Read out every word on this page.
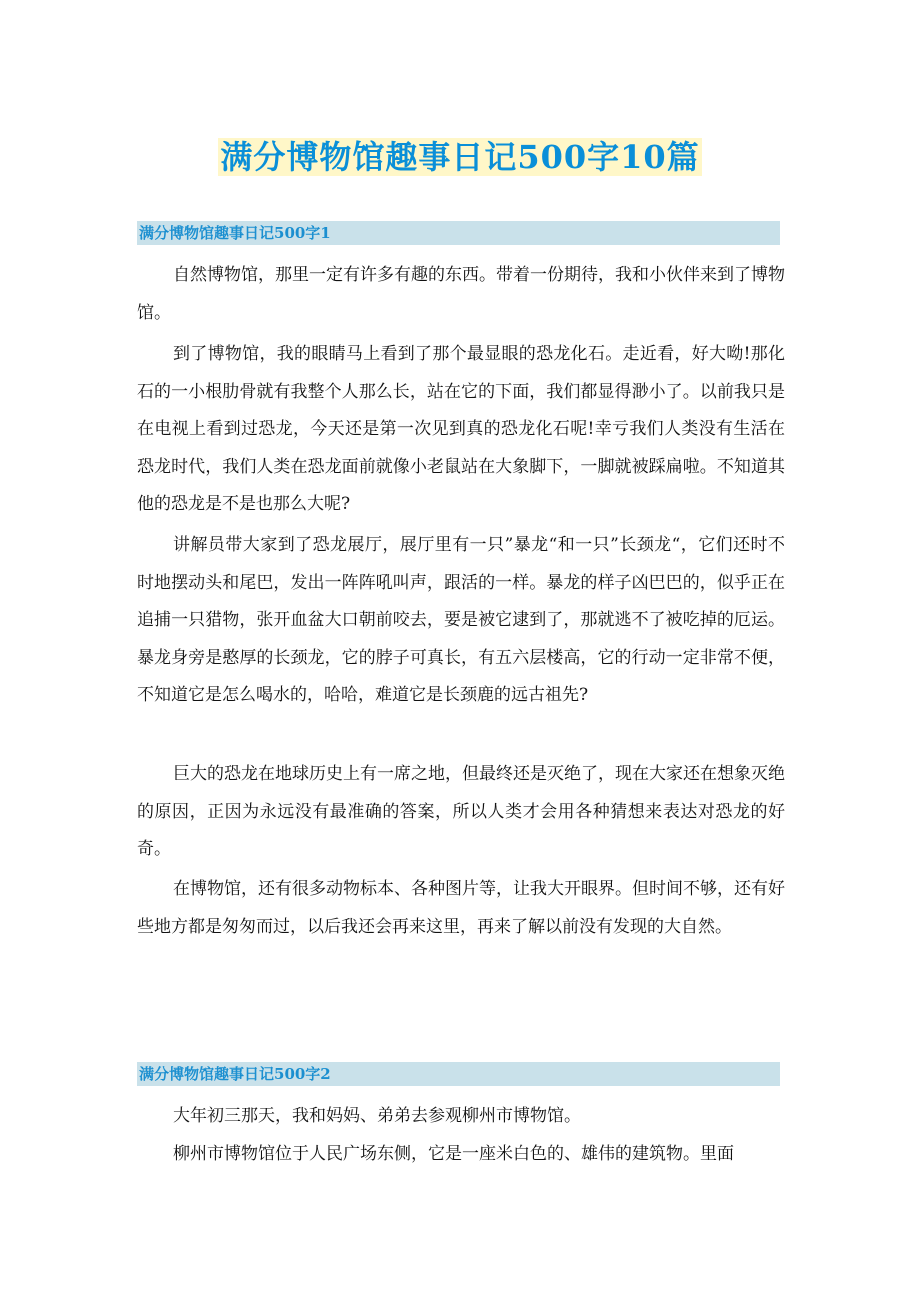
满分博物馆趣事日记500字10篇
满分博物馆趣事日记500字1

自然博物馆，那里一定有许多有趣的东西。带着一份期待，我和小伙伴来到了博物馆。

到了博物馆，我的眼睛马上看到了那个最显眼的恐龙化石。走近看，好大呦!那化石的一小根肋骨就有我整个人那么长，站在它的下面，我们都显得渺小了。以前我只是在电视上看到过恐龙，今天还是第一次见到真的恐龙化石呢!幸亏我们人类没有生活在恐龙时代，我们人类在恐龙面前就像小老鼠站在大象脚下，一脚就被踩扁啦。不知道其他的恐龙是不是也那么大呢?

讲解员带大家到了恐龙展厅，展厅里有一只”暴龙“和一只”长颈龙“，它们还时不时地摆动头和尾巴，发出一阵阵吼叫声，跟活的一样。暴龙的样子凶巴巴的，似乎正在追捕一只猎物，张开血盆大口朝前咬去，要是被它逮到了，那就逃不了被吃掉的厄运。暴龙身旁是憨厚的长颈龙，它的脖子可真长，有五六层楼高，它的行动一定非常不便，不知道它是怎么喝水的，哈哈，难道它是长颈鹿的远古祖先?

巨大的恐龙在地球历史上有一席之地，但最终还是灭绝了，现在大家还在想象灭绝的原因，正因为永远没有最准确的答案，所以人类才会用各种猜想来表达对恐龙的好奇。

在博物馆，还有很多动物标本、各种图片等，让我大开眼界。但时间不够，还有好些地方都是匆匆而过，以后我还会再来这里，再来了解以前没有发现的大自然。

满分博物馆趣事日记500字2

大年初三那天，我和妈妈、弟弟去参观柳州市博物馆。

柳州市博物馆位于人民广场东侧，它是一座米白色的、雄伟的建筑物。里面
